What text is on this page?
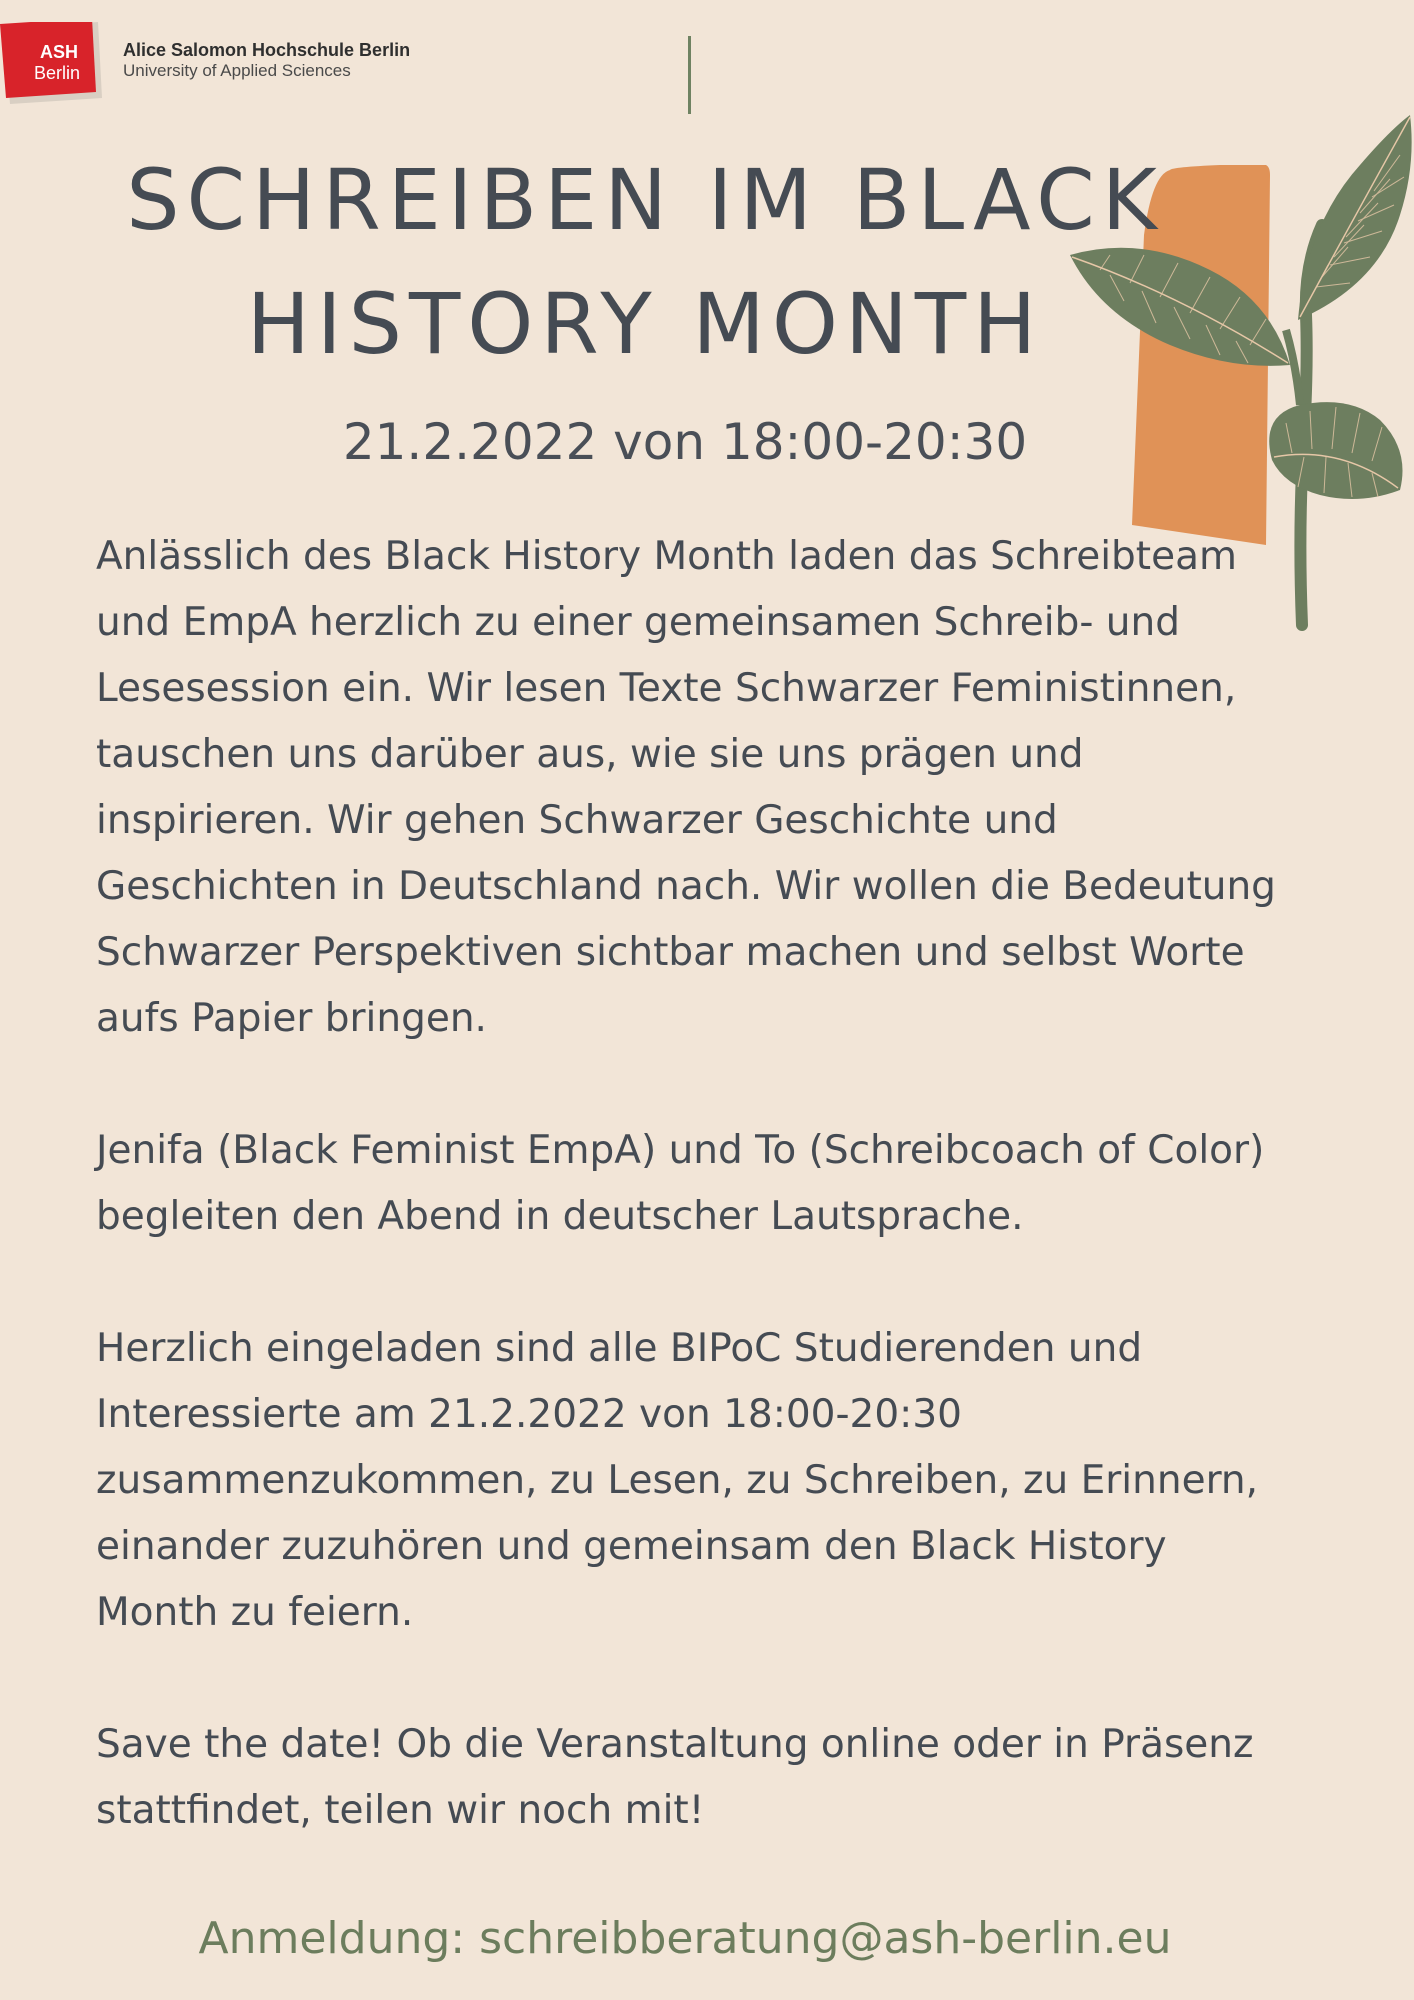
ASH
Berlin
Alice Salomon Hochschule Berlin
University of Applied Sciences
SCHREIBEN IM BLACK
HISTORY MONTH
21.2.2022 von 18:00-20:30

Anlässlich des Black History Month laden das Schreibteam und EmpA herzlich zu einer gemeinsamen Schreib- und Lesesession ein. Wir lesen Texte Schwarzer Feministinnen, tauschen uns darüber aus, wie sie uns prägen und inspirieren. Wir gehen Schwarzer Geschichte und Geschichten in Deutschland nach. Wir wollen die Bedeutung Schwarzer Perspektiven sichtbar machen und selbst Worte aufs Papier bringen.

Jenifa (Black Feminist EmpA) und To (Schreibcoach of Color) begleiten den Abend in deutscher Lautsprache.

Herzlich eingeladen sind alle BIPoC Studierenden und Interessierte am 21.2.2022 von 18:00-20:30 zusammenzukommen, zu Lesen, zu Schreiben, zu Erinnern, einander zuzuhören und gemeinsam den Black History Month zu feiern.

Save the date! Ob die Veranstaltung online oder in Präsenz stattfindet, teilen wir noch mit!

Anmeldung: schreibberatung@ash-berlin.eu
